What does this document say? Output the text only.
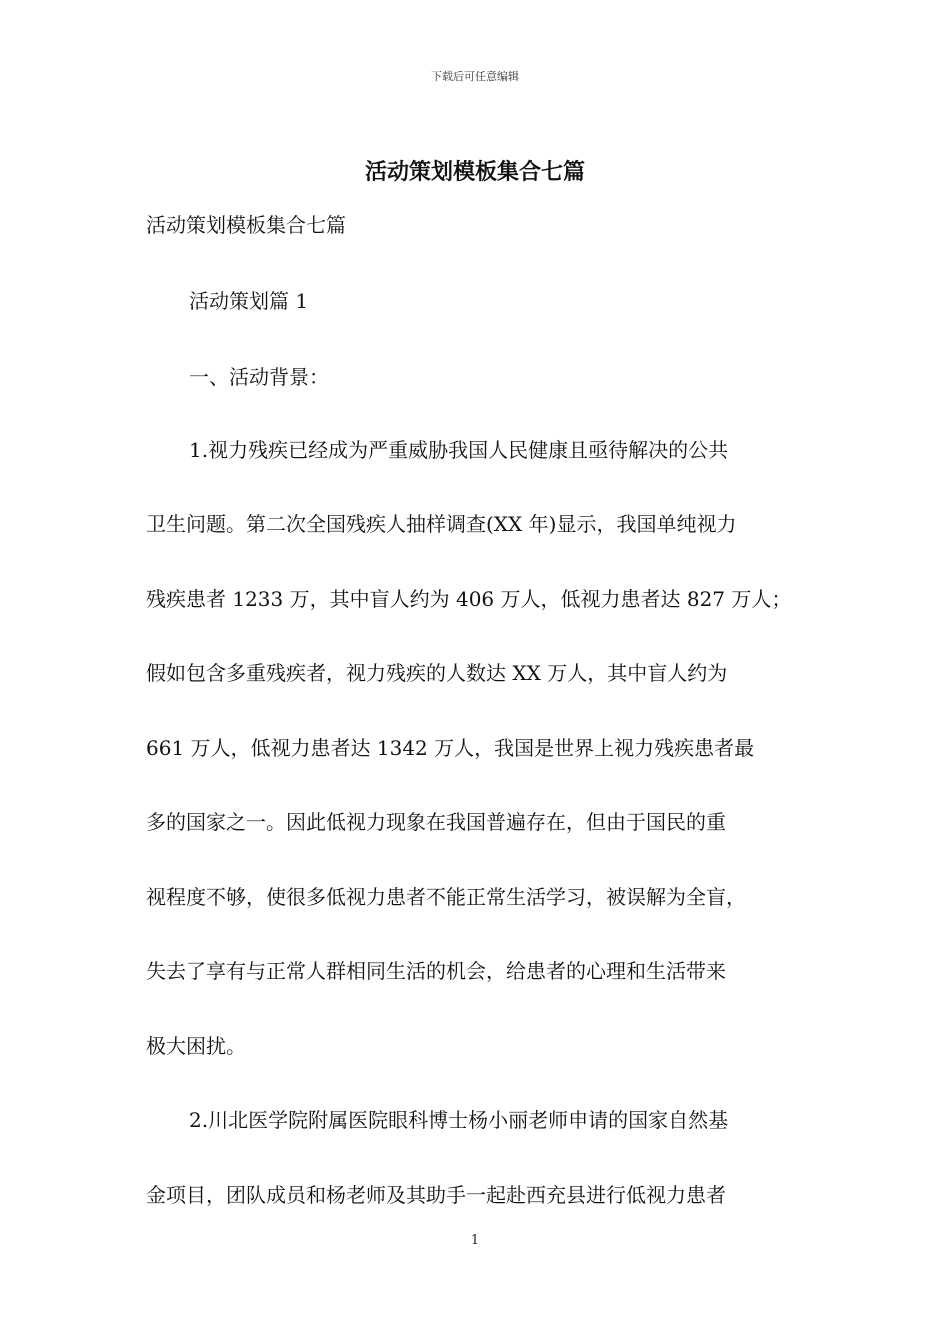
下载后可任意编辑
活动策划模板集合七篇
活动策划模板集合七篇
活动策划篇 1
一、活动背景：
1.视力残疾已经成为严重威胁我国人民健康且亟待解决的公共
卫生问题。第二次全国残疾人抽样调查(XX 年)显示，我国单纯视力
残疾患者 1233 万，其中盲人约为 406 万人，低视力患者达 827 万人；
假如包含多重残疾者，视力残疾的人数达 XX 万人，其中盲人约为
661 万人，低视力患者达 1342 万人，我国是世界上视力残疾患者最
多的国家之一。因此低视力现象在我国普遍存在，但由于国民的重
视程度不够，使很多低视力患者不能正常生活学习，被误解为全盲，
失去了享有与正常人群相同生活的机会，给患者的心理和生活带来
极大困扰。
2.川北医学院附属医院眼科博士杨小丽老师申请的国家自然基
金项目，团队成员和杨老师及其助手一起赴西充县进行低视力患者
1
